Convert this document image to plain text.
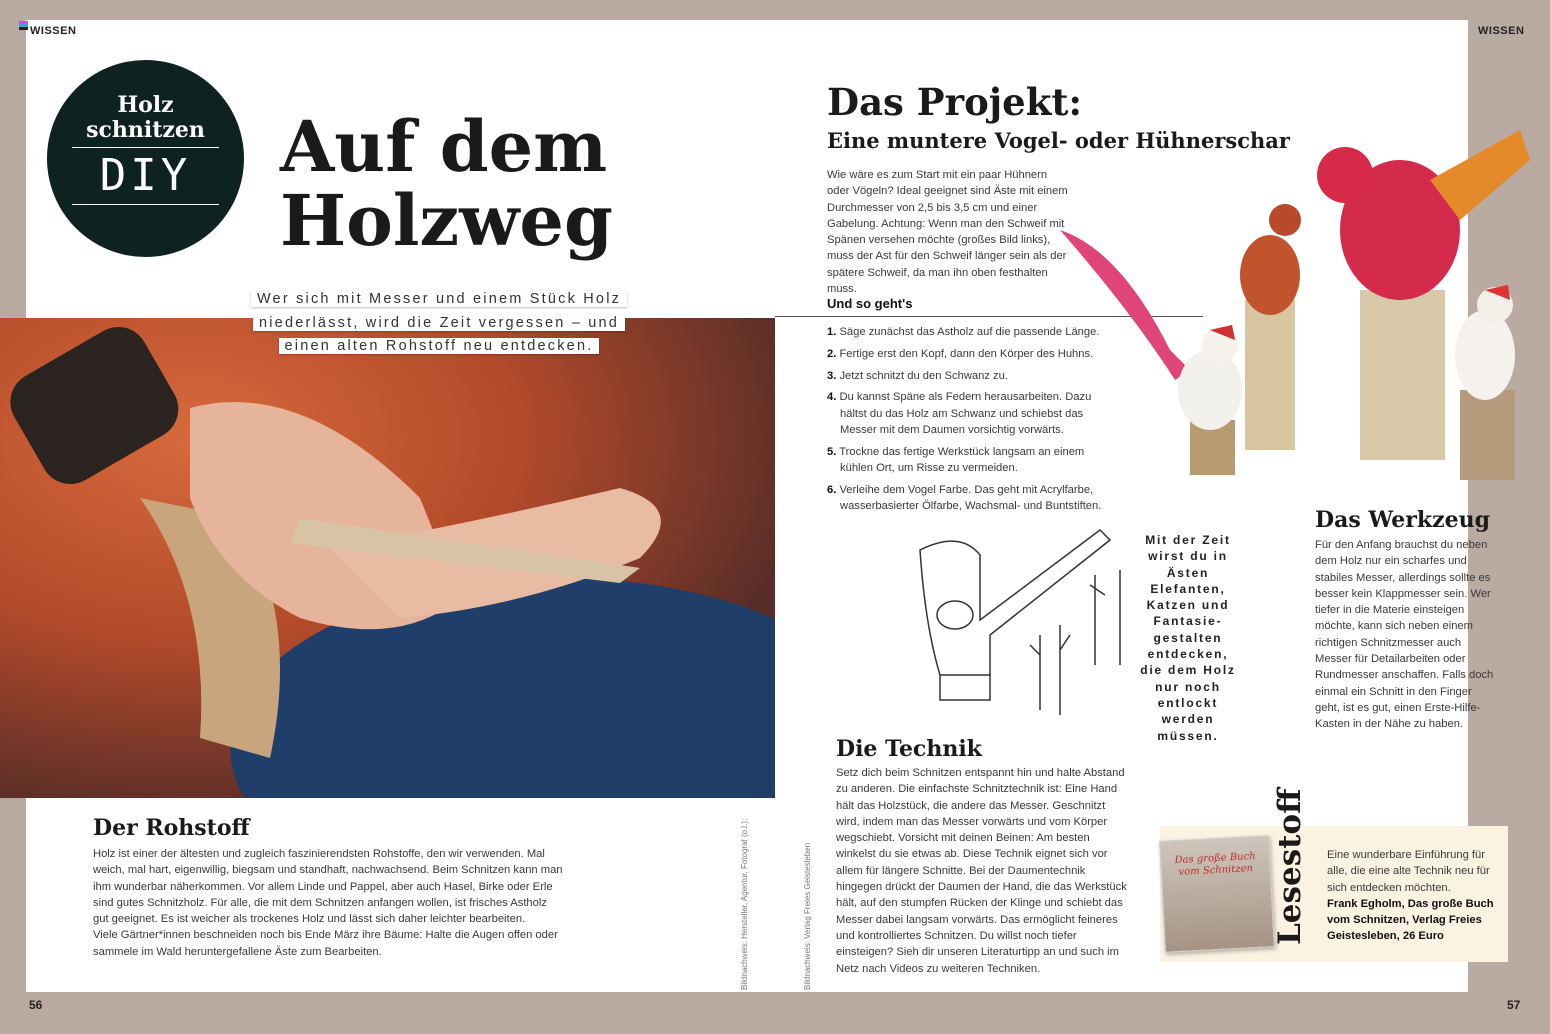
WISSEN	WISSEN
Holz
schnitzen
DIY	Auf dem
Holzweg
Wer sich mit Messer und einem Stück Holz
niederlässt, wird die Zeit vergessen – und
einen alten Rohstoff neu entdecken.
Der Rohstoff
Holz ist einer der ältesten und zugleich faszinierendsten Rohstoffe, den wir verwenden. Mal weich, mal hart, eigenwillig, biegsam und standhaft, nachwachsend. Beim Schnitzen kann man ihm wunderbar näherkommen. Vor allem Linde und Pappel, aber auch Hasel, Birke oder Erle sind gutes Schnitzholz. Für alle, die mit dem Schnitzen anfangen wollen, ist frisches Astholz gut geeignet. Es ist weicher als trockenes Holz und lässt sich daher leichter bearbeiten.
Viele Gärtner*innen beschneiden noch bis Ende März ihre Bäume: Halte die Augen offen oder sammele im Wald heruntergefallene Äste zum Bearbeiten.	Bildnachweis: Hersteller, Agentur, Fotograf (o.l.);	Bildnachweis: Verlag Freies Geistesleben
Das Projekt:
Eine muntere Vogel- oder Hühnerschar
Wie wäre es zum Start mit ein paar Hühnern oder Vögeln? Ideal geeignet sind Äste mit einem Durchmesser von 2,5 bis 3,5 cm und einer Gabelung. Achtung: Wenn man den Schweif mit Spänen versehen möchte (großes Bild links), muss der Ast für den Schweif länger sein als der spätere Schweif, da man ihn oben festhalten muss.
Und so geht's
1. Säge zunächst das Astholz auf die passende Länge.
2. Fertige erst den Kopf, dann den Körper des Huhns.
3. Jetzt schnitzt du den Schwanz zu.
4. Du kannst Späne als Federn herausarbeiten. Dazu hältst du das Holz am Schwanz und schiebst das Messer mit dem Daumen vorsichtig vorwärts.
5. Trockne das fertige Werkstück langsam an einem kühlen Ort, um Risse zu vermeiden.
6. Verleihe dem Vogel Farbe. Das geht mit Acrylfarbe, wasserbasierter Ölfarbe, Wachsmal- und Buntstiften.
Mit der Zeit wirst du in Ästen Elefanten, Katzen und Fantasie-gestalten entdecken, die dem Holz nur noch entlockt werden müssen.
Die Technik
Setz dich beim Schnitzen entspannt hin und halte Abstand zu anderen. Die einfachste Schnitztechnik ist: Eine Hand hält das Holzstück, die andere das Messer. Geschnitzt wird, indem man das Messer vorwärts und vom Körper wegschiebt. Vorsicht mit deinen Beinen: Am besten winkelst du sie etwas ab. Diese Technik eignet sich vor allem für längere Schnitte. Bei der Daumentechnik hingegen drückt der Daumen der Hand, die das Werkstück hält, auf den stumpfen Rücken der Klinge und schiebt das Messer dabei langsam vorwärts. Das ermöglicht feineres und kontrolliertes Schnitzen. Du willst noch tiefer einsteigen? Sieh dir unseren Literaturtipp an und such im Netz nach Videos zu weiteren Techniken.
Das Werkzeug
Für den Anfang brauchst du neben dem Holz nur ein scharfes und stabiles Messer, allerdings sollte es besser kein Klappmesser sein. Wer tiefer in die Materie einsteigen möchte, kann sich neben einem richtigen Schnitzmesser auch Messer für Detailarbeiten oder Rundmesser anschaffen. Falls doch einmal ein Schnitt in den Finger geht, ist es gut, einen Erste-Hilfe-Kasten in der Nähe zu haben.
Das große Buch vom Schnitzen Lesestoff Eine wunderbare Einführung für alle, die eine alte Technik neu für sich entdecken möchten.
Frank Egholm, Das große Buch vom Schnitzen, Verlag Freies Geistesleben, 26 Euro
56	57
